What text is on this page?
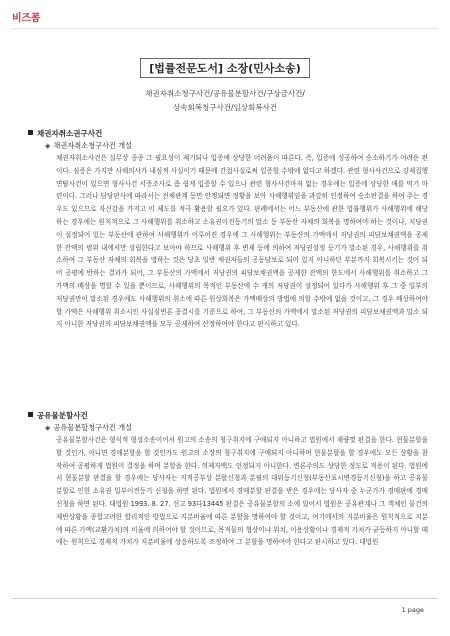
비즈폼
[법률전문도서] 소장(민사소송)
채권자취소청구사건/공유물분할사건/구상금사건/
상속회복청구사건/임상회복사건
채권자취소권구사건
◈ 채권자취소청구사건 개설

채권자취소사건은 실무상 종종 그 필요성이 제기되나 입증에 상당한 어려움이 따른다. 즉, 입증에 성공하여 승소하기가 어려운 편이다. 심증은 가지만 사해의사가 내심적 사실이기 때문에 간접사실로써 입증할 수밖에 없다고 하겠다. 관련 형사사건으로 강제집행면탈사건이 있으면 형사사건 서증조사로 좀 쉽게 입증할 수 있으나 관련 형사사건마저 없는 경우에는 입증에 상당한 애를 먹기 마련이다. 그러나 담당판사에 따라서는 전체관계 등만 안정되면 정황을 보아 사해행위임을 과감히 인정하여 승소판결을 하여 주는 경우도 있으므로 자신감을 가지고 이 제도를 적극 활용할 필요가 있다. 판례에서는 어느 부동산에 관한 법률행위가 사해행위에 해당하는 경우에는 원칙적으로 그 사해행위를 취소하고 소유권이전등기의 말소 등 부동산 자체의 회복을 명하여야 하는 것이나, 저당권이 설정되어 있는 부동산에 관하여 사해행위가 이루어진 경우에 그 사해행위는 부동산의 가액에서 저당권의 피담보채권액을 공제한 잔액의 범위 내에서만 성립한다고 보아야 하므로 사해행위 후 변제 등에 의하여 저당권설정 등기가 말소된 경우, 사해행위를 취소하여 그 부동산 자체의 회복을 명하는 것은 당초 일반 채권자들의 공동담보로 되어 있지 아니하던 부분까지 회복시키는 것이 되어 공평에 반하는 결과가 되어, 그 부동산의 가액에서 저당권의 피담보채권액을 공제한 잔액의 한도에서 사해행위를 취소하고 그 가액의 배상을 명할 수 있을 뿐이므로, 사해행위의 목적인 부동산에 수 개의 저당권이 설정되어 있다가 사해행위 후 그 중 일부의 저당권만이 말소된 경우에도 사해행위의 취소에 따른 원상회복은 가액배상의 방법에 의할 수밖에 없을 것이고, 그 경우 배상하여야 할 가액은 사해행위 취소시인 사실심변론 종결시를 기준으로 하여, 그 부동산의 가액에서 말소된 저당권의 피담보채권액과 말소 되지 아니한 저당권의 피담보채권액을 모두 공제하여 산정하여야 한다고 판시하고 있다.

공유물분할사건
◈ 공유물분할청구사건 개설

공유물분할사건은 형식적 형성소송이어서 원고의 소송의 청구취지에 구애되지 아니하고 법원에서 재량껏 판결을 한다. 현물분할을 할 것인가, 아니면 경매분할을 할 것인가도 원고의 소장의 청구취지에 구애되지 아니하며 현물분할을 할 경우에도 모든 상황을 참작하여 공평하게 법원이 결정을 하며 분할을 한다. 의제자백도 인정되지 아니한다. 변론주의도 상당한 정도로 적용이 된다. 법원에서 현물분할 판결을 할 경우에는 당사자는 지적공부상 분할신청과 분필의 대위등기신청(부동산표시변경등기신청)을 하고 공유물분할로 인한 소유권 일부이전등기 신청을 하면 된다. 법원에서 경매분할 판결을 받은 경우에는 당사자 중 누군가가 경매판에 경매신청을 하면 된다. 대법원 1993. 8. 27. 선고 93다13445 판결은 공유물분할의 소에 있어서 법원은 공유관계나 그 객체인 물건의 제반상황을 종합고려한 합리적인 방법으로 지분비율에 따른 분할을 명하여야 할 것이고, 여기에서의 지분비율은 원칙적으로 지분에 따른 가액(교환가치)의 비율에 의하여야 할 것이므로, 목적물의 형상이나 위치, 이용상황이나 경제적 가치가 균등하지 아니할 때에는 원칙으로 경제적 가치가 지분비율에 상응하도록 조정하여 그 분할을 명하여야 한다고 판시하고 있다. 대법원

1 page
